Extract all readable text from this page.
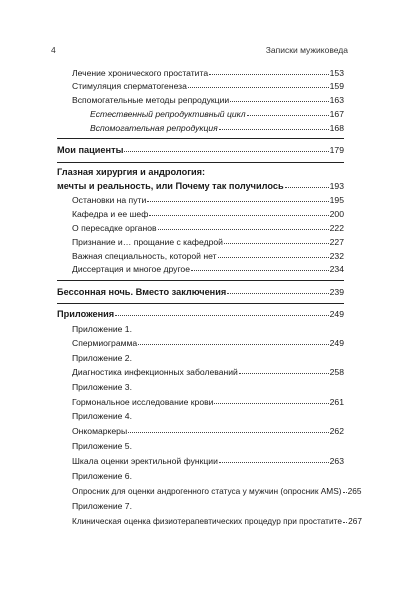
4	Записки мужиковеда
Лечение хронического простатита	153
Стимуляция сперматогенеза	159
Вспомогательные методы репродукции	163
Естественный репродуктивный цикл	167
Вспомогательная репродукция	168
Мои пациенты	179
Глазная хирургия и андрология:
мечты и реальность, или Почему так получилось	193
Остановки на пути	195
Кафедра и ее шеф	200
О пересадке органов	222
Признание и… прощание с кафедрой	227
Важная специальность, которой нет	232
Диссертация и многое другое	234
Бессонная ночь. Вместо заключения	239
Приложения	249
Приложение 1.
Спермиограмма	249
Приложение 2.
Диагностика инфекционных заболеваний	258
Приложение 3.
Гормональное исследование крови	261
Приложение 4.
Онкомаркеры	262
Приложение 5.
Шкала оценки эректильной функции	263
Приложение 6.
Опросник для оценки андрогенного статуса у мужчин (опросник AMS) 265
Приложение 7.
Клиническая оценка физиотерапевтических процедур при простатите 267
